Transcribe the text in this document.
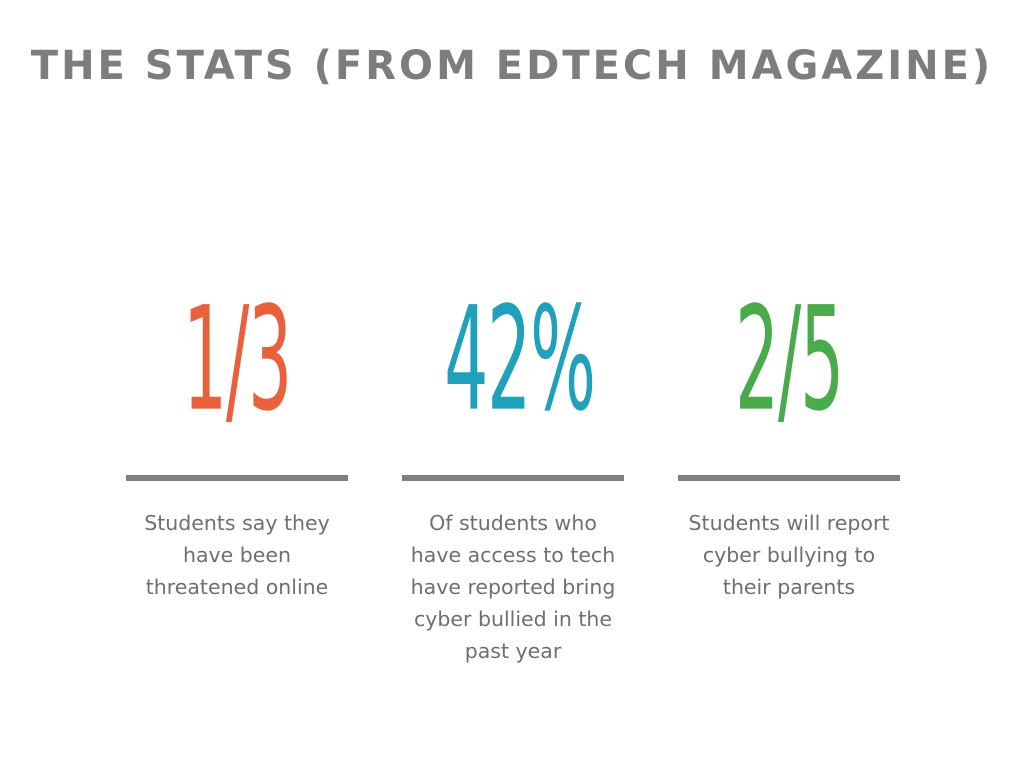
THE STATS (FROM EDTECH MAGAZINE)
1/3
Students say they
have been
threatened online
42%
Of students who
have access to tech
have reported bring
cyber bullied in the
past year
2/5
Students will report
cyber bullying to
their parents
